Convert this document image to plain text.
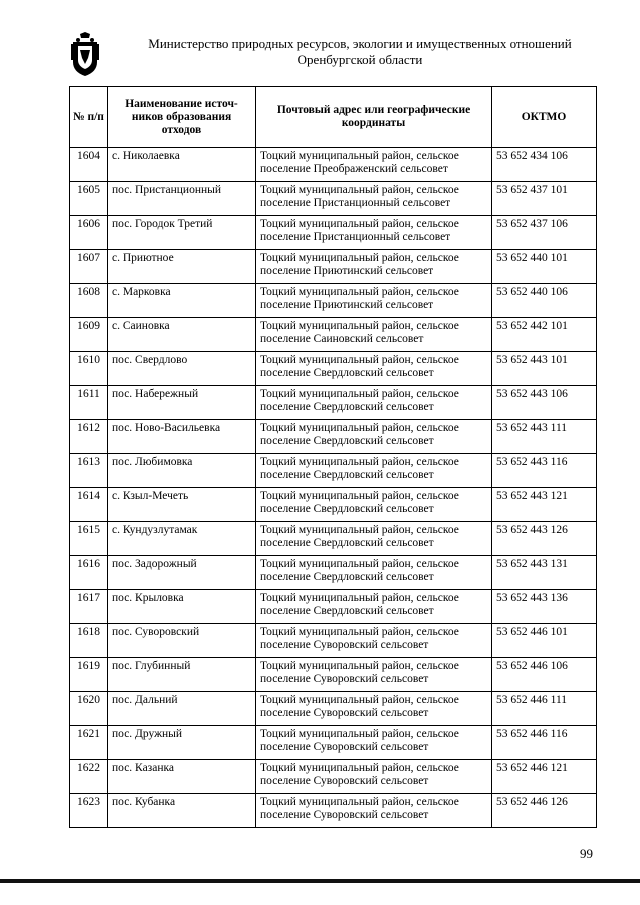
Министерство природных ресурсов, экологии и имущественных отношений
Оренбургской области
№ п/п	Наименование источ- ников образования отходов	Почтовый адрес или географические координаты	ОКТМО
1604	с. Николаевка	Тоцкий муниципальный район, сельское поселение Преображенский сельсовет	53 652 434 106
1605	пос. Пристанционный	Тоцкий муниципальный район, сельское поселение Пристанционный сельсовет	53 652 437 101
1606	пос. Городок Третий	Тоцкий муниципальный район, сельское поселение Пристанционный сельсовет	53 652 437 106
1607	с. Приютное	Тоцкий муниципальный район, сельское поселение Приютинский сельсовет	53 652 440 101
1608	с. Марковка	Тоцкий муниципальный район, сельское поселение Приютинский сельсовет	53 652 440 106
1609	с. Саиновка	Тоцкий муниципальный район, сельское поселение Саиновский сельсовет	53 652 442 101
1610	пос. Свердлово	Тоцкий муниципальный район, сельское поселение Свердловский сельсовет	53 652 443 101
1611	пос. Набережный	Тоцкий муниципальный район, сельское поселение Свердловский сельсовет	53 652 443 106
1612	пос. Ново-Васильевка	Тоцкий муниципальный район, сельское поселение Свердловский сельсовет	53 652 443 111
1613	пос. Любимовка	Тоцкий муниципальный район, сельское поселение Свердловский сельсовет	53 652 443 116
1614	с. Кзыл-Мечеть	Тоцкий муниципальный район, сельское поселение Свердловский сельсовет	53 652 443 121
1615	с. Кундузлутамак	Тоцкий муниципальный район, сельское поселение Свердловский сельсовет	53 652 443 126
1616	пос. Задорожный	Тоцкий муниципальный район, сельское поселение Свердловский сельсовет	53 652 443 131
1617	пос. Крыловка	Тоцкий муниципальный район, сельское поселение Свердловский сельсовет	53 652 443 136
1618	пос. Суворовский	Тоцкий муниципальный район, сельское поселение Суворовский сельсовет	53 652 446 101
1619	пос. Глубинный	Тоцкий муниципальный район, сельское поселение Суворовский сельсовет	53 652 446 106
1620	пос. Дальний	Тоцкий муниципальный район, сельское поселение Суворовский сельсовет	53 652 446 111
1621	пос. Дружный	Тоцкий муниципальный район, сельское поселение Суворовский сельсовет	53 652 446 116
1622	пос. Казанка	Тоцкий муниципальный район, сельское поселение Суворовский сельсовет	53 652 446 121
1623	пос. Кубанка	Тоцкий муниципальный район, сельское поселение Суворовский сельсовет	53 652 446 126
99
